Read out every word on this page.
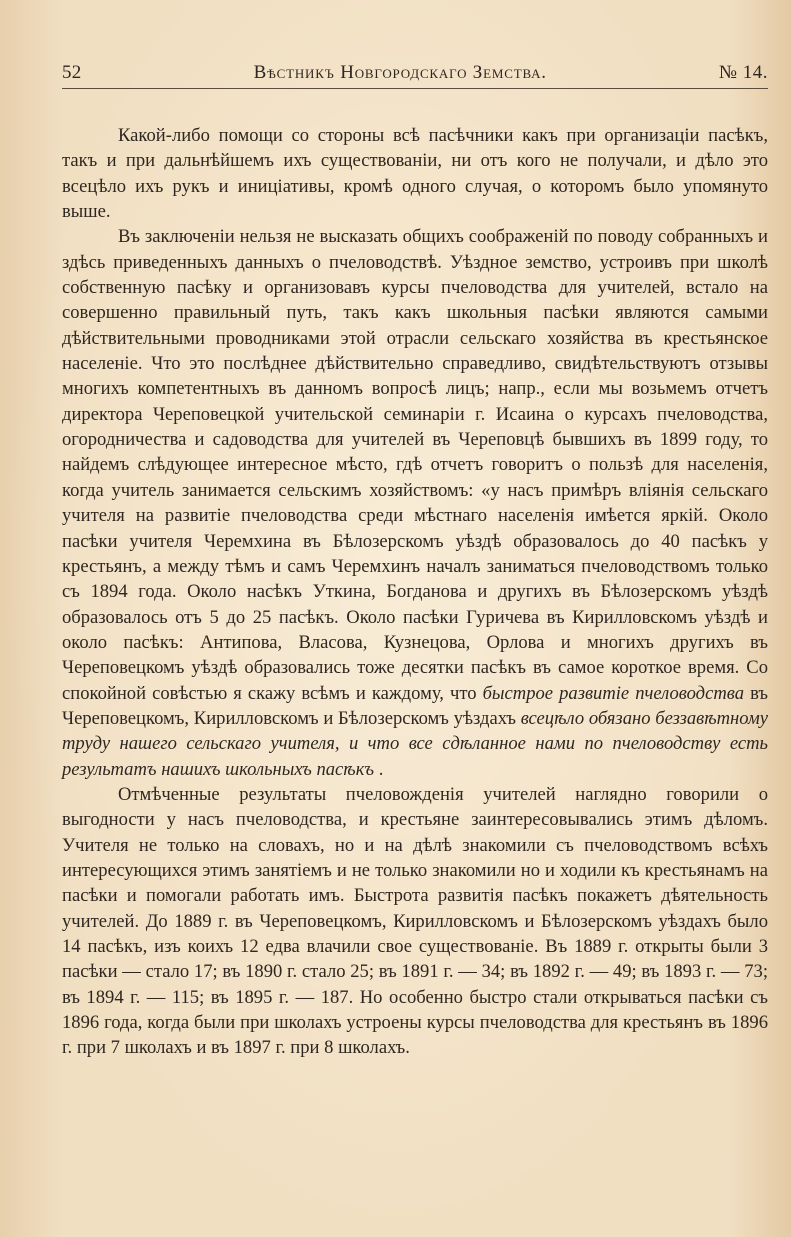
52	Вѣстникъ Новгородскаго Земства.	№ 14.

Какой-либо помощи со стороны всѣ пасѣчники какъ при организаціи пасѣкъ, такъ и при дальнѣйшемъ ихъ существованіи, ни отъ кого не получали, и дѣло это всецѣло ихъ рукъ и иниціативы, кромѣ одного случая, о которомъ было упомянуто выше.

Въ заключеніи нельзя не высказать общихъ соображеній по поводу собранныхъ и здѣсь приведенныхъ данныхъ о пчеловодствѣ. Уѣздное земство, устроивъ при школѣ собственную пасѣку и организовавъ курсы пчеловодства для учителей, встало на совершенно правильный путь, такъ какъ школьныя пасѣки являются самыми дѣйствительными проводниками этой отрасли сельскаго хозяйства въ крестьянское населеніе. Что это послѣднее дѣйствительно справедливо, свидѣтельствуютъ отзывы многихъ компетентныхъ въ данномъ вопросѣ лицъ; напр., если мы возьмемъ отчетъ директора Череповецкой учительской семинаріи г. Исаина о курсахъ пчеловодства, огородничества и садоводства для учителей въ Череповцѣ бывшихъ въ 1899 году, то найдемъ слѣдующее интересное мѣсто, гдѣ отчетъ говоритъ о пользѣ для населенія, когда учитель занимается сельскимъ хозяйствомъ: «у насъ примѣръ вліянія сельскаго учителя на развитіе пчеловодства среди мѣстнаго населенія имѣется яркій. Около пасѣки учителя Черемхина въ Бѣлозерскомъ уѣздѣ образовалось до 40 пасѣкъ у крестьянъ, а между тѣмъ и самъ Черемхинъ началъ заниматься пчеловодствомъ только съ 1894 года. Около насѣкъ Уткина, Богданова и другихъ въ Бѣлозерскомъ уѣздѣ образовалось отъ 5 до 25 пасѣкъ. Около пасѣки Гуричева въ Кирилловскомъ уѣздѣ и около пасѣкъ: Антипова, Власова, Кузнецова, Орлова и многихъ другихъ въ Череповецкомъ уѣздѣ образовались тоже десятки пасѣкъ въ самое короткое время. Со спокойной совѣстью я скажу всѣмъ и каждому, что быстрое развитіе пчеловодства въ Череповецкомъ, Кирилловскомъ и Бѣлозерскомъ уѣздахъ всецѣло обязано беззавѣтному труду нашего сельскаго учителя, и что все сдѣланное нами по пчеловодству есть результатъ нашихъ школьныхъ пасѣкъ .

Отмѣченные результаты пчеловожденія учителей наглядно говорили о выгодности у насъ пчеловодства, и крестьяне заинтересовывались этимъ дѣломъ. Учителя не только на словахъ, но и на дѣлѣ знакомили съ пчеловодствомъ всѣхъ интересующихся этимъ занятіемъ и не только знакомили но и ходили къ крестьянамъ на пасѣки и помогали работать имъ. Быстрота развитія пасѣкъ покажетъ дѣятельность учителей. До 1889 г. въ Череповецкомъ, Кирилловскомъ и Бѣлозерскомъ уѣздахъ было 14 пасѣкъ, изъ коихъ 12 едва влачили свое существованіе. Въ 1889 г. открыты были 3 пасѣки — стало 17; въ 1890 г. стало 25; въ 1891 г. — 34; въ 1892 г. — 49; въ 1893 г. — 73; въ 1894 г. — 115; въ 1895 г. — 187. Но особенно быстро стали открываться пасѣки съ 1896 года, когда были при школахъ устроены курсы пчеловодства для крестьянъ въ 1896 г. при 7 школахъ и въ 1897 г. при 8 школахъ.
